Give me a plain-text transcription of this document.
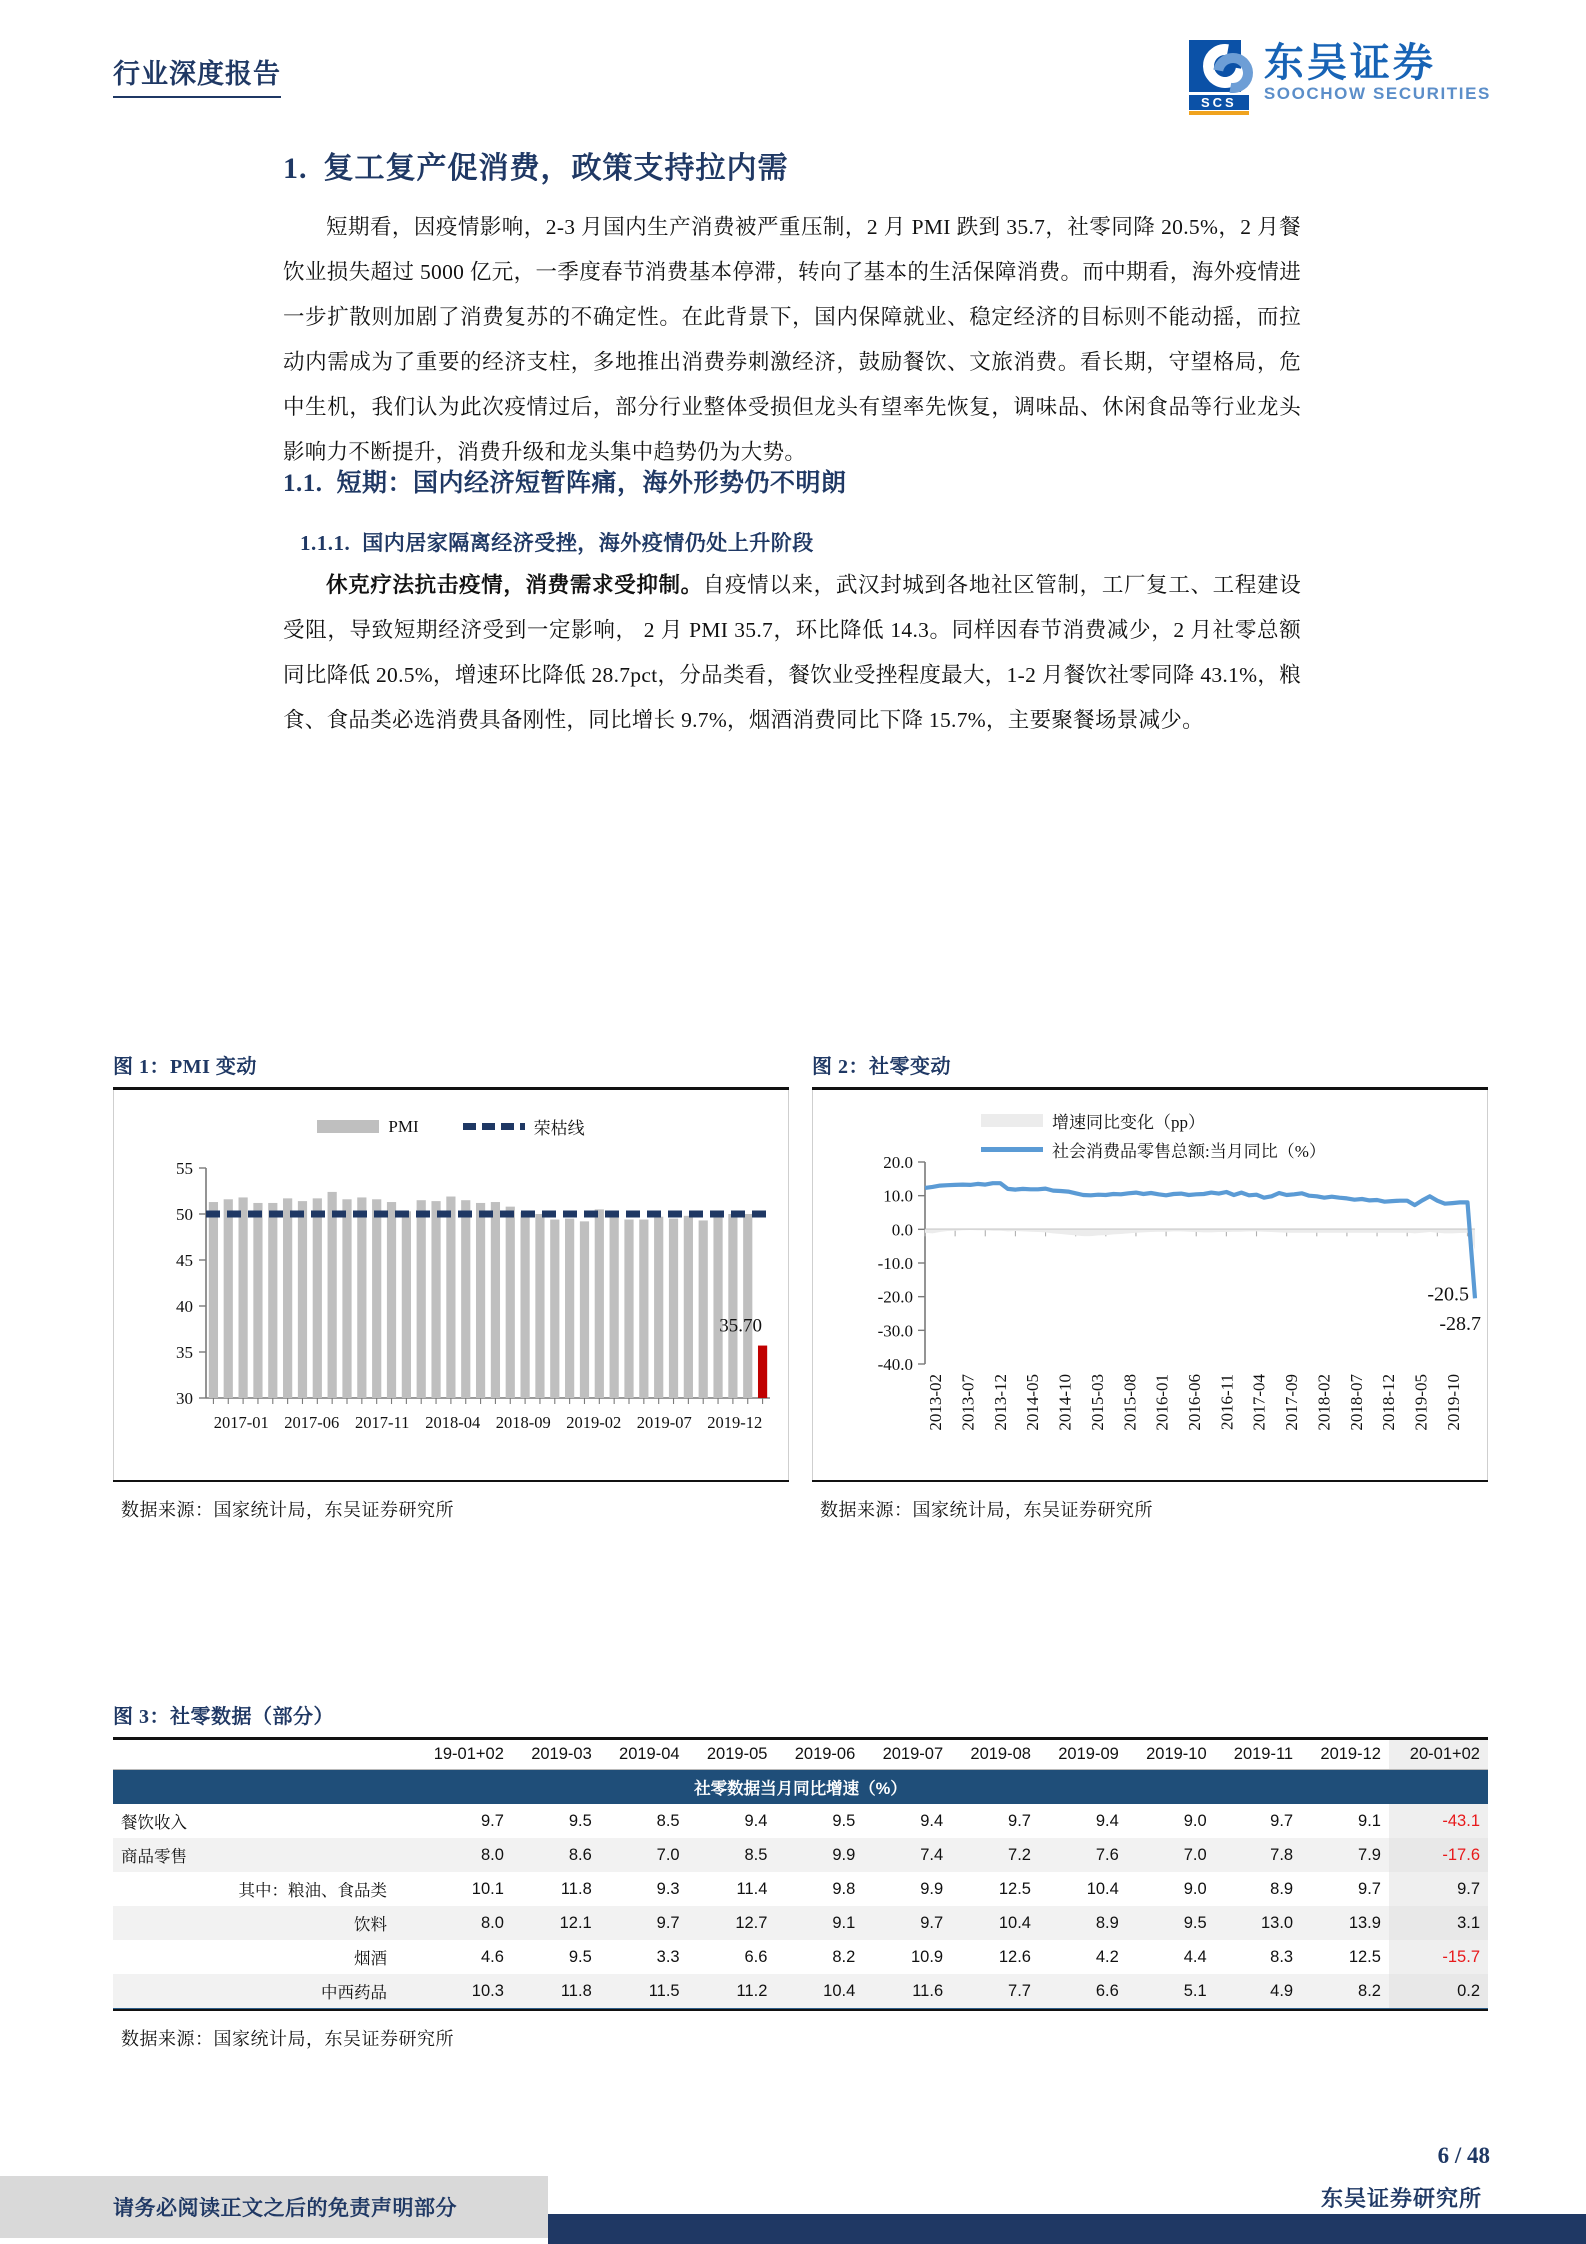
行业深度报告
SCS
东吴证券
SOOCHOW SECURITIES
1. 复工复产促消费，政策支持拉内需
短期看，因疫情影响，2-3 月国内生产消费被严重压制，2 月 PMI 跌到 35.7，社零同降 20.5%，2 月餐饮业损失超过 5000 亿元，一季度春节消费基本停滞，转向了基本的生活保障消费。而中期看，海外疫情进一步扩散则加剧了消费复苏的不确定性。在此背景下，国内保障就业、稳定经济的目标则不能动摇，而拉动内需成为了重要的经济支柱，多地推出消费券刺激经济，鼓励餐饮、文旅消费。看长期，守望格局，危中生机，我们认为此次疫情过后，部分行业整体受损但龙头有望率先恢复，调味品、休闲食品等行业龙头影响力不断提升，消费升级和龙头集中趋势仍为大势。
1.1. 短期：国内经济短暂阵痛，海外形势仍不明朗
1.1.1. 国内居家隔离经济受挫，海外疫情仍处上升阶段
休克疗法抗击疫情，消费需求受抑制。自疫情以来，武汉封城到各地社区管制，工厂复工、工程建设受阻，导致短期经济受到一定影响， 2 月 PMI 35.7，环比降低 14.3。同样因春节消费减少，2 月社零总额同比降低 20.5%，增速环比降低 28.7pct，分品类看，餐饮业受挫程度最大，1-2 月餐饮社零同降 43.1%，粮食、食品类必选消费具备刚性，同比增长 9.7%，烟酒消费同比下降 15.7%，主要聚餐场景减少。
图 1：PMI 变动
PMI	荣枯线
30
35
40
45
50
55
35.70
2017-01 2017-06 2017-11 2018-04 2018-09 2019-02 2019-07 2019-12
数据来源：国家统计局，东吴证券研究所
图 2：社零变动
增速同比变化（pp）
社会消费品零售总额:当月同比（%）
20.0
10.0
0.0
-10.0
-20.0
-30.0
-40.0
-20.5
-28.7
2013-02 2013-07 2013-12 2014-05 2014-10 2015-03 2015-08 2016-01 2016-06 2016-11 2017-04 2017-09 2018-02 2018-07 2018-12 2019-05 2019-10
数据来源：国家统计局，东吴证券研究所
图 3：社零数据（部分）
	19-01+02	2019-03	2019-04	2019-05	2019-06	2019-07	2019-08	2019-09	2019-10	2019-11	2019-12	20-01+02
社零数据当月同比增速（%）												
餐饮收入	9.7	9.5	8.5	9.4	9.5	9.4	9.7	9.4	9.0	9.7	9.1	-43.1
商品零售	8.0	8.6	7.0	8.5	9.9	7.4	7.2	7.6	7.0	7.8	7.9	-17.6
其中：粮油、食品类	10.1	11.8	9.3	11.4	9.8	9.9	12.5	10.4	9.0	8.9	9.7	9.7
饮料	8.0	12.1	9.7	12.7	9.1	9.7	10.4	8.9	9.5	13.0	13.9	3.1
烟酒	4.6	9.5	3.3	6.6	8.2	10.9	12.6	4.2	4.4	8.3	12.5	-15.7
中西药品	10.3	11.8	11.5	11.2	10.4	11.6	7.7	6.6	5.1	4.9	8.2	0.2
数据来源：国家统计局，东吴证券研究所
6 / 48
东吴证券研究所
请务必阅读正文之后的免责声明部分
